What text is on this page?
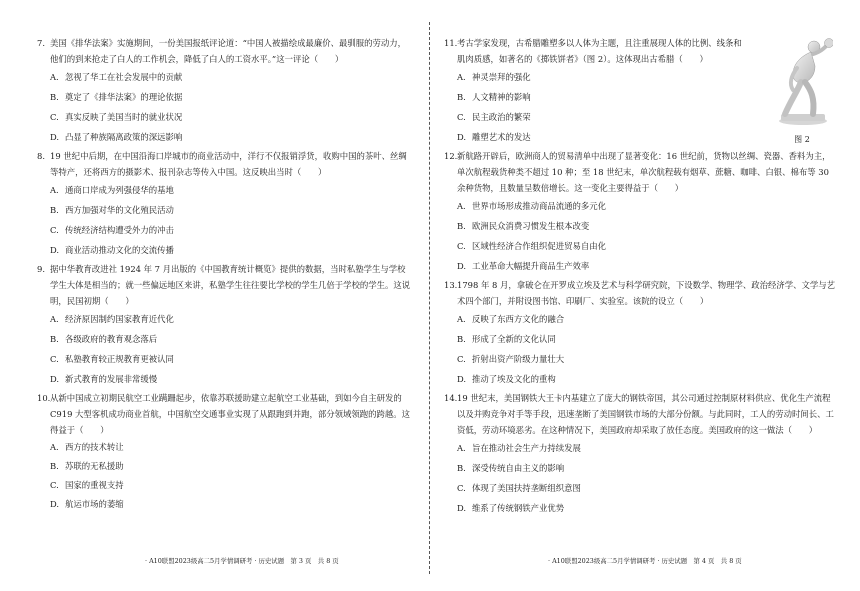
7. 美国《排华法案》实施期间，一份美国报纸评论道：“中国人被描绘成最廉价、最驯服的劳动力，他们的到来抢走了白人的工作机会，降低了白人的工资水平。”这一评论（　　）
A. 忽视了华工在社会发展中的贡献
B. 奠定了《排华法案》的理论依据
C. 真实反映了美国当时的就业状况
D. 凸显了种族隔离政策的深远影响
8. 19 世纪中后期，在中国沿海口岸城市的商业活动中，洋行不仅报销浮货，收购中国的茶叶、丝绸等特产，还将西方的摄影术、报刊杂志等传入中国。这反映出当时（　　）
A. 通商口岸成为列强侵华的基地
B. 西方加强对华的文化殖民活动
C. 传统经济结构遭受外力的冲击
D. 商业活动推动文化的交流传播
9. 据中华教育改进社 1924 年 7 月出版的《中国教育统计概览》提供的数据，当时私塾学生与学校学生大体是相当的；就一些偏远地区来讲，私塾学生往往要比学校的学生几倍于学校的学生。这说明，民国初期（　　）
A. 经济原因制约国家教育近代化
B. 各级政府的教育观念落后
C. 私塾教育较正规教育更被认同
D. 新式教育的发展非常缓慢
10.从新中国成立初期民航空工业蹒跚起步，依靠苏联援助建立起航空工业基础，到如今自主研发的 C919 大型客机成功商业首航，中国航空交通事业实现了从跟跑到并跑，部分领域领跑的跨越。这得益于（　　）
A. 西方的技术转让
B. 苏联的无私援助
C. 国家的重视支持
D. 航运市场的萎缩
· A10联盟2023级高二5月学情调研考 · 历史试题　第 3 页　共 8 页
图 2
11.考古学家发现，古希腊雕塑多以人体为主题，且注重展现人体的比例、线条和肌肉质感，如著名的《掷铁饼者》（图 2）。这体现出古希腊（　　）
A. 神灵崇拜的强化
B. 人文精神的影响
C. 民主政治的繁荣
D. 雕塑艺术的发达
12.新航路开辟后，欧洲商人的贸易清单中出现了显著变化：16 世纪前，货物以丝绸、瓷器、香料为主，单次航程载货种类不超过 10 种；至 18 世纪末，单次航程载有烟草、蔗糖、咖啡、白银、棉布等 30 余种货物，且数量呈数倍增长。这一变化主要得益于（　　）
A. 世界市场形成推动商品流通的多元化
B. 欧洲民众消费习惯发生根本改变
C. 区域性经济合作组织促进贸易自由化
D. 工业革命大幅提升商品生产效率
13.1798 年 8 月，拿破仑在开罗成立埃及艺术与科学研究院，下设数学、物理学、政治经济学、文学与艺术四个部门，并附设图书馆、印刷厂、实验室。该院的设立（　　）
A. 反映了东西方文化的融合
B. 形成了全新的文化认同
C. 折射出资产阶级力量壮大
D. 推动了埃及文化的重构
14.19 世纪末，美国钢铁大王卡内基建立了庞大的钢铁帝国，其公司通过控制原材料供应、优化生产流程以及并购竞争对手等手段，迅速垄断了美国钢铁市场的大部分份额。与此同时，工人的劳动时间长、工资低，劳动环境恶劣。在这种情况下，美国政府却采取了放任态度。美国政府的这一做法（　　）
A. 旨在推动社会生产力持续发展
B. 深受传统自由主义的影响
C. 体现了美国扶持垄断组织意图
D. 维系了传统钢铁产业优势
· A10联盟2023级高二5月学情调研考 · 历史试题　第 4 页　共 8 页
